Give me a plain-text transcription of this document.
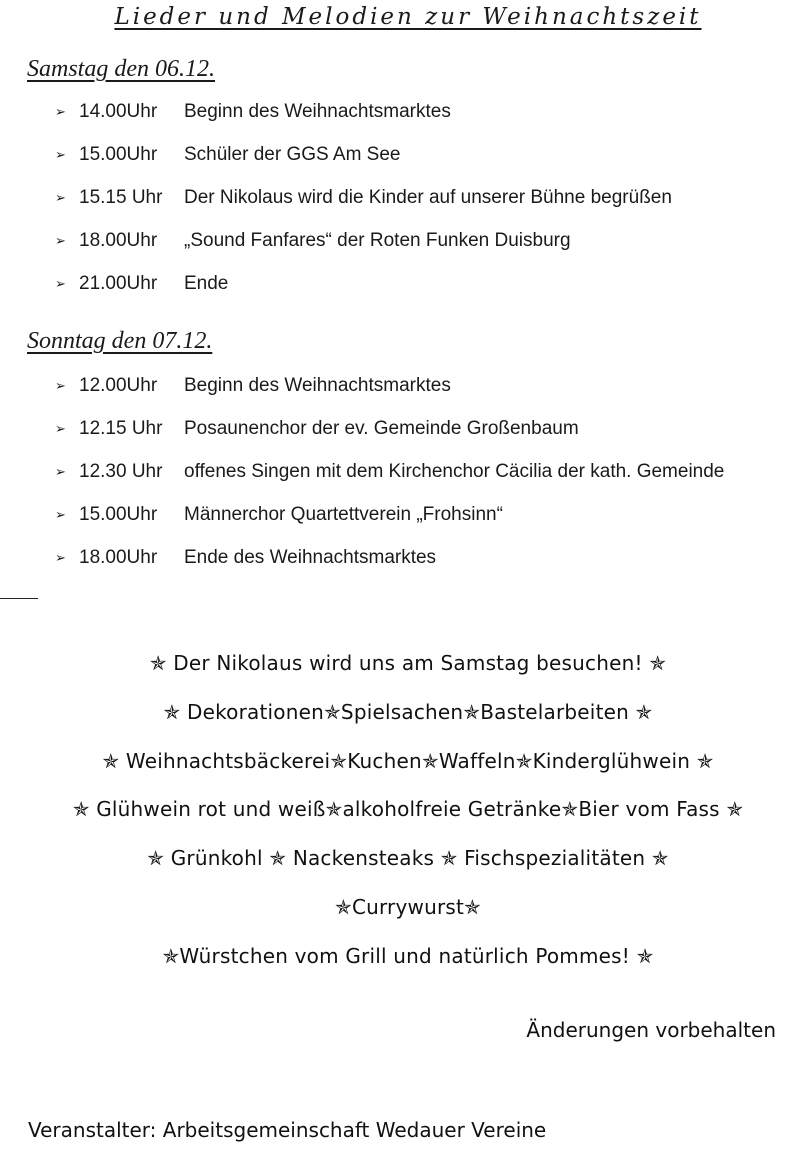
Lieder und Melodien zur Weihnachtszeit
Samstag den 06.12.
➢ 14.00Uhr	Beginn des Weihnachtsmarktes
➢ 15.00Uhr	Schüler der GGS Am See
➢ 15.15 Uhr	Der Nikolaus wird die Kinder auf unserer Bühne begrüßen
➢ 18.00Uhr	„Sound Fanfares“ der Roten Funken Duisburg
➢ 21.00Uhr	Ende
Sonntag den 07.12.
➢ 12.00Uhr	Beginn des Weihnachtsmarktes
➢ 12.15 Uhr	Posaunenchor der ev. Gemeinde Großenbaum
➢ 12.30 Uhr	offenes Singen mit dem Kirchenchor Cäcilia der kath. Gemeinde
➢ 15.00Uhr	Männerchor Quartettverein „Frohsinn“
➢ 18.00Uhr	Ende des Weihnachtsmarktes
✯ Der Nikolaus wird uns am Samstag besuchen! ✯
✯ Dekorationen✯Spielsachen✯Bastelarbeiten ✯
✯ Weihnachtsbäckerei✯Kuchen✯Waffeln✯Kinderglühwein ✯
✯ Glühwein rot und weiß✯alkoholfreie Getränke✯Bier vom Fass ✯
✯ Grünkohl ✯ Nackensteaks ✯ Fischspezialitäten ✯
✯Currywurst✯
✯Würstchen vom Grill und natürlich Pommes! ✯
Änderungen vorbehalten
Veranstalter: Arbeitsgemeinschaft Wedauer Vereine
